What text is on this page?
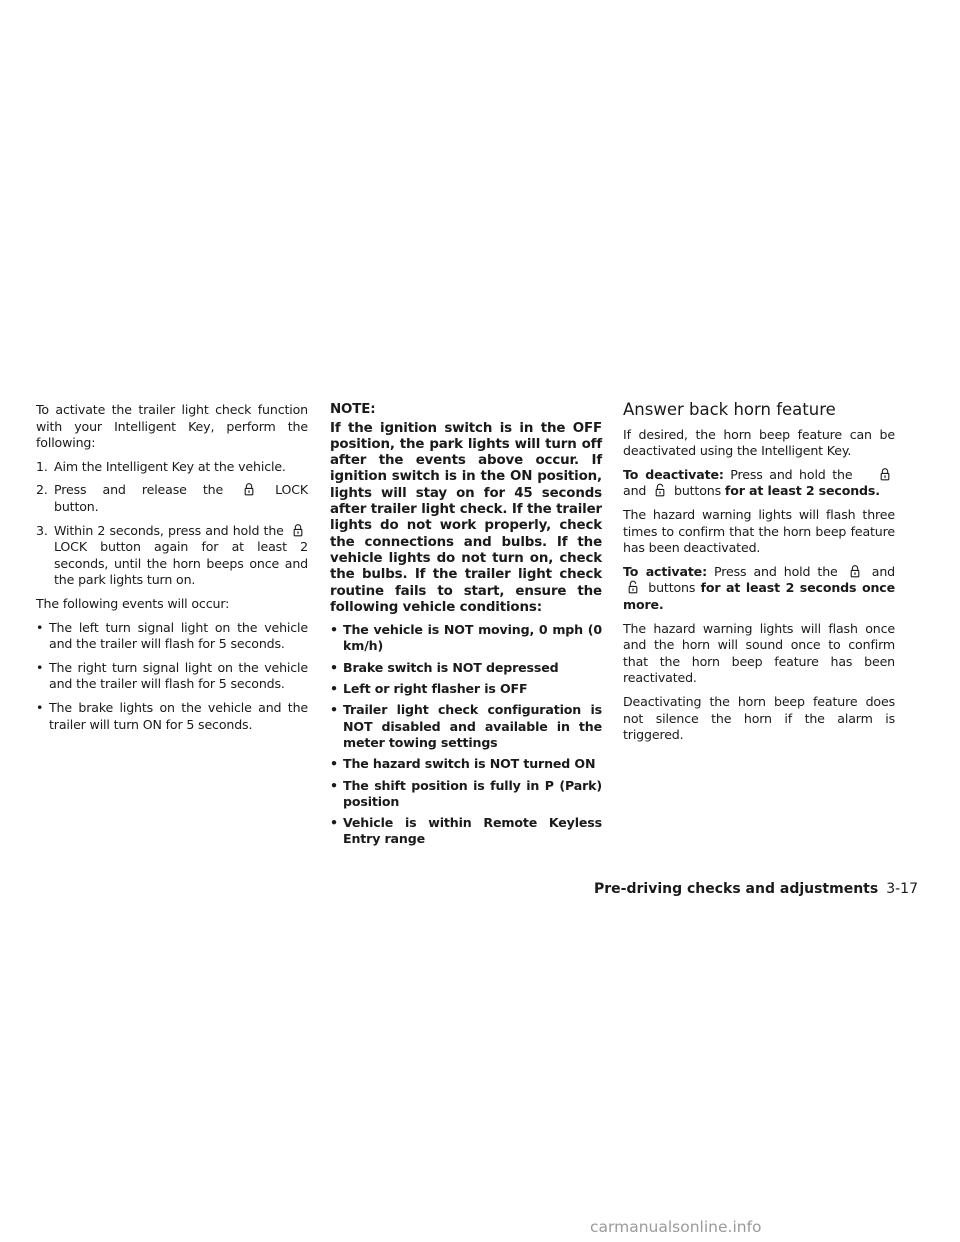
To activate the trailer light check function with your Intelligent Key, perform the following:

1. Aim the Intelligent Key at the vehicle.
2. Press and release the	LOCK button.
3. Within 2 seconds, press and hold the  LOCK button again for at least 2 seconds, until the horn beeps once and the park lights turn on.

The following events will occur:

• The left turn signal light on the vehicle and the trailer will flash for 5 seconds.
• The right turn signal light on the vehicle and the trailer will flash for 5 seconds.
• The brake lights on the vehicle and the trailer will turn ON for 5 seconds.
NOTE:
If the ignition switch is in the OFF position, the park lights will turn off after the events above occur. If ignition switch is in the ON position, lights will stay on for 45 seconds after trailer light check. If the trailer lights do not work properly, check the connections and bulbs. If the vehicle lights do not turn on, check the bulbs. If the trailer light check routine fails to start, ensure the following vehicle conditions:
• The vehicle is NOT moving, 0 mph (0 km/h)
• Brake switch is NOT depressed
• Left or right flasher is OFF
• Trailer light check configuration is NOT disabled and available in the meter towing settings
• The hazard switch is NOT turned ON
• The shift position is fully in P (Park) position
• Vehicle is within Remote Keyless Entry range
Answer back horn feature

If desired, the horn beep feature can be deactivated using the Intelligent Key.

To deactivate: Press and hold the  and buttons for at least 2 seconds.

The hazard warning lights will flash three times to confirm that the horn beep feature has been deactivated.

To activate: Press and hold the	and  buttons for at least 2 seconds once more.

The hazard warning lights will flash once and the horn will sound once to confirm that the horn beep feature has been reactivated.

Deactivating the horn beep feature does not silence the horn if the alarm is triggered.

Pre-driving checks and adjustments 3-17
carmanualsonline.info
